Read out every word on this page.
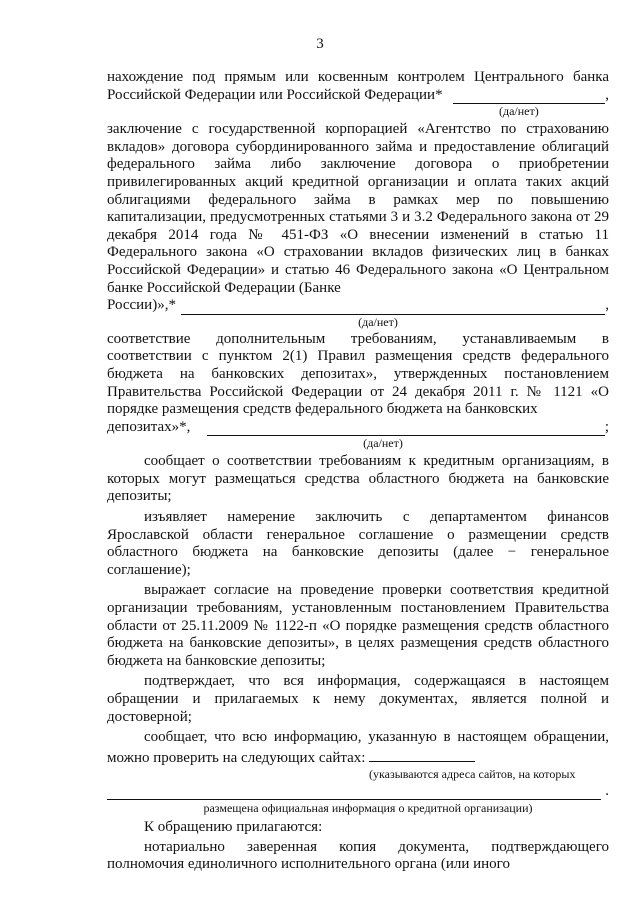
3

нахождение под прямым или косвенным контролем Центрального банка

Российской Федерации или Российской Федерации*	,

(да/нет)

заключение с государственной корпорацией «Агентство по страхованию вкладов» договора субординированного займа и предоставление облигаций федерального займа либо заключение договора о приобретении привилегированных акций кредитной организации и оплата таких акций облигациями федерального займа в рамках мер по повышению капитализации, предусмотренных статьями 3 и 3.2 Федерального закона от 29 декабря 2014 года № 451-ФЗ «О внесении изменений в статью 11 Федерального закона «О страховании вкладов физических лиц в банках Российской Федерации» и статью 46 Федерального закона «О Центральном банке Российской Федерации (Банке

России)»,*	,

(да/нет)

соответствие дополнительным требованиям, устанавливаемым в соответствии с пунктом 2(1) Правил размещения средств федерального бюджета на банковских депозитах», утвержденных постановлением Правительства Российской Федерации от 24 декабря 2011 г. № 1121 «О порядке размещения средств федерального бюджета на банковских

депозитах»*,	;

(да/нет)

сообщает о соответствии требованиям к кредитным организациям, в которых могут размещаться средства областного бюджета на банковские депозиты;

изъявляет намерение заключить с департаментом финансов Ярославской области генеральное соглашение о размещении средств областного бюджета на банковские депозиты (далее − генеральное соглашение);

выражает согласие на проведение проверки соответствия кредитной организации требованиям, установленным постановлением Правительства области от 25.11.2009 № 1122-п «О порядке размещения средств областного бюджета на банковские депозиты», в целях размещения средств областного бюджета на банковские депозиты;

подтверждает, что вся информация, содержащаяся в настоящем обращении и прилагаемых к нему документах, является полной и достоверной;

сообщает, что всю информацию, указанную в настоящем обращении, можно проверить на следующих сайтах:

(указываются адреса сайтов, на которых

.

размещена официальная информация о кредитной организации)

К обращению прилагаются:

нотариально заверенная копия документа, подтверждающего полномочия единоличного исполнительного органа (или иного
